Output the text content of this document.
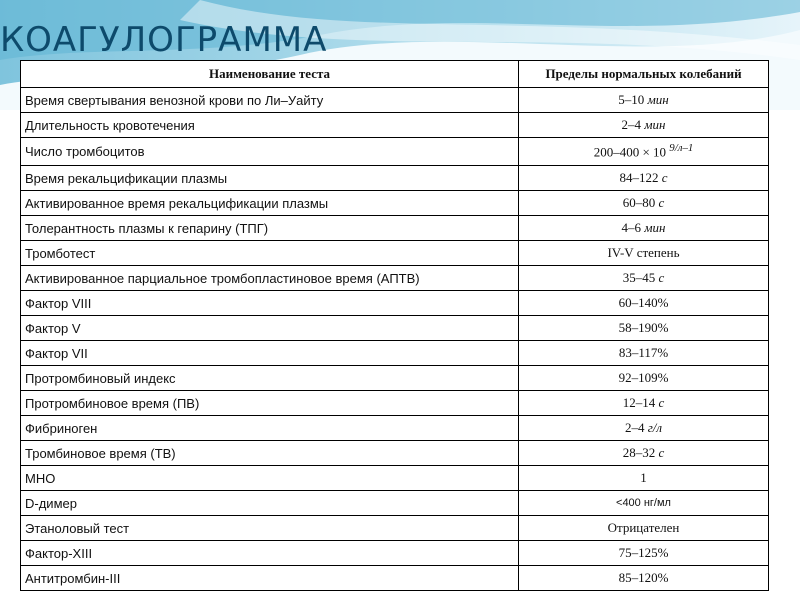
КОАГУЛОГРАММА
Наименование теста	Пределы нормальных колебаний
Время свертывания венозной крови по Ли–Уайту	5–10 мин
Длительность кровотечения	2–4 мин
Число тромбоцитов	200–400 × 10 $^{9/л-1}$
Время рекальцификации плазмы	84–122 с
Активированное время рекальцификации плазмы	60–80 с
Толерантность плазмы к гепарину (ТПГ)	4–6 мин
Тромботест	IV-V степень
Активированное парциальное тромбопластиновое время (АПТВ)	35–45 с
Фактор VIII	60–140%
Фактор V	58–190%
Фактор VII	83–117%
Протромбиновый индекс	92–109%
Протромбиновое время (ПВ)	12–14 с
Фибриноген	2–4 г/л
Тромбиновое время (ТВ)	28–32 с
МНО	1
D-димер	<400 нг/мл
Этаноловый тест	Отрицателен
Фактор-XIII	75–125%
Антитромбин-III	85–120%
